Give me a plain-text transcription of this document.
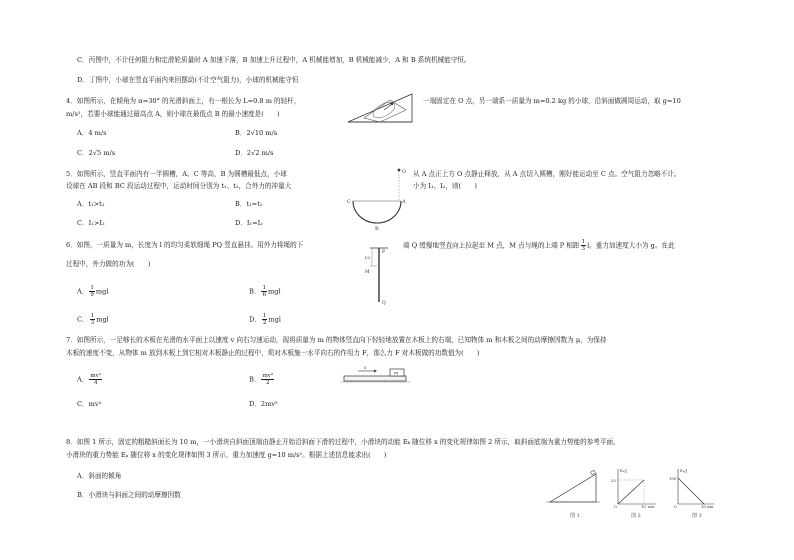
C．丙图中，不计任何阻力和定滑轮质量时 A 加速下落，B 加速上升过程中，A 机械能增加，B 机械能减少，A 和 B 系统机械能守恒。
D．丁图中，小球在竖直平面内来回摆动(不计空气阻力)，小球的机械能守恒
4．如图所示，在倾角为 α=30° 的光滑斜面上，有一根长为 L=0.8 m 的轻杆，	一端固定在 O 点，另一端系一质量为 m=0.2 kg 的小球，沿斜面做圆周运动，取 g=10
m/s²，若要小球能通过最高点 A，则小球在最低点 B 的最小速度是(　　)
A．4 m/s	B．2√10 m/s
C．2√5 m/s	D．2√2 m/s
5．如图所示，竖直平面内有一半圆槽，A、C 等高，B 为圆槽最低点，小球	从 A 点正上方 O 点静止释放，从 A 点切入圆槽，刚好能运动至 C 点。空气阻力忽略不计。
设球在 AB 段和 BC 段运动过程中，运动时间分别为 t₁、t₂，合外力的冲量大	小为 I₁、I₂，则(　　)
A．t₁>t₂	B．t₁=t₂
C．I₁>I₂	D．I₁=I₂
O
A
C
B
6．如图，一质量为 m，长度为 l 的均匀柔软细绳 PQ 竖直悬挂。用外力将绳的下	端 Q 缓慢地竖直向上拉起至 M 点，M 点与绳的上端 P 相距 $\frac{1}{3}$ l。重力加速度大小为 g。在此
过程中，外力做的功为(　　)
A． $\frac{1}{9}$ mgl	B． $\frac{1}{6}$ mgl
C． $\frac{1}{3}$ mgl	D． $\frac{1}{2}$ mgl
P
l/3
M
Q
7．如图所示，一足够长的木板在光滑的水平面上以速度 v 向右匀速运动，现将质量为 m 的物体竖直向下轻轻地放置在木板上的右端，已知物体 m 和木板之间的动摩擦因数为 μ，为保持
木板的速度不变，从物体 m 放到木板上到它相对木板静止的过程中，须对木板施一水平向右的作用力 F，那么力 F 对木板做的功数值为(　　)
A． $\frac{\text{mv²}}{4}$	B． $\frac{\text{mv²}}{2}$
C．mv²	D．2mv²
m
v
8．如图 1 所示，固定的粗糙斜面长为 10 m，一小滑块自斜面顶端由静止开始沿斜面下滑的过程中，小滑块的动能 Eₖ 随位移 x 的变化规律如图 2 所示，取斜面底端为重力势能的参考平面，
小滑块的重力势能 Eₚ 随位移 x 的变化规律如图 3 所示，重力加速度 g=10 m/s²。根据上述信息能求出(　　)
A．斜面的倾角
B．小滑块与斜面之间的动摩擦因数
图 1
Eₖ/J
25
10 x/m
O
图 2
Eₚ/J
100
10 x/m
O
图 3
